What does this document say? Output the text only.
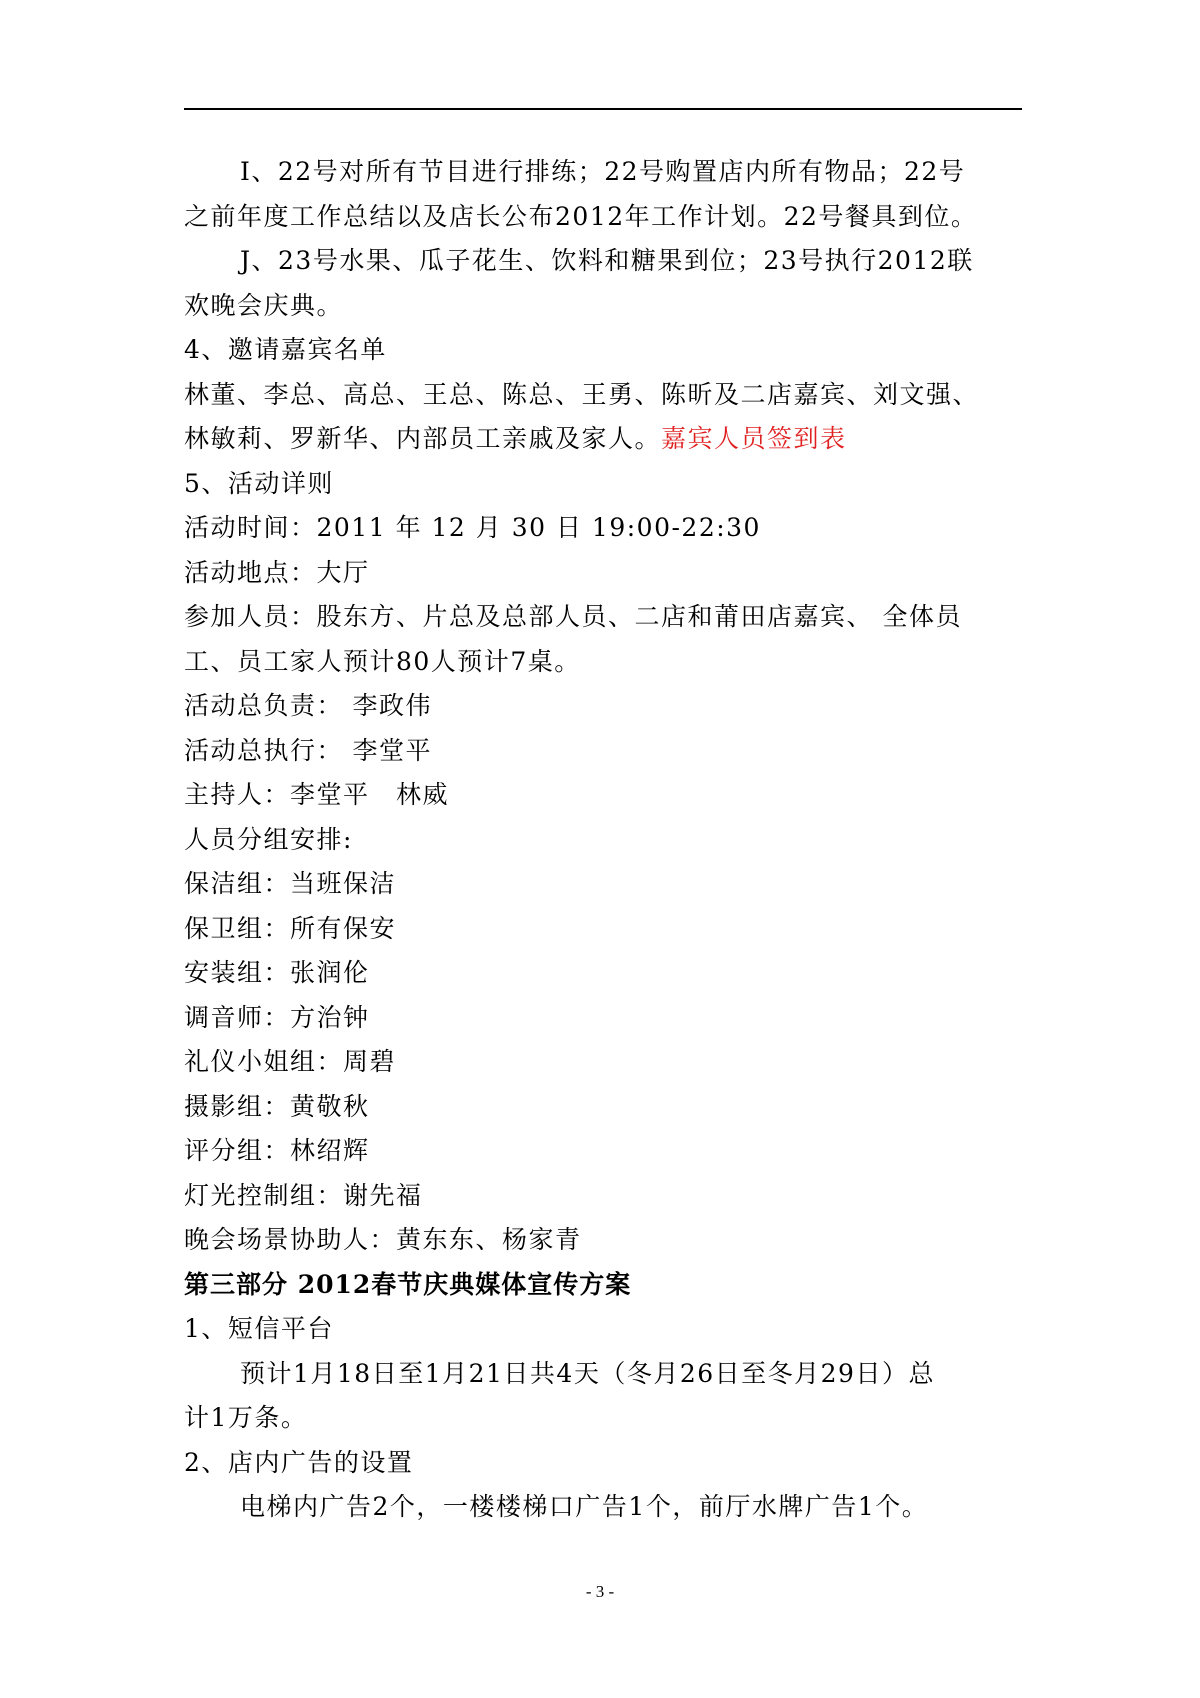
I、22号对所有节目进行排练；22号购置店内所有物品；22号

之前年度工作总结以及店长公布2012年工作计划。22号餐具到位。

J、23号水果、瓜子花生、饮料和糖果到位；23号执行2012联

欢晚会庆典。

4、邀请嘉宾名单

林董、李总、高总、王总、陈总、王勇、陈昕及二店嘉宾、刘文强、

林敏莉、罗新华、内部员工亲戚及家人。嘉宾人员签到表

5、活动详则

活动时间：2011 年 12 月 30 日 19:00-22:30

活动地点：大厅

参加人员：股东方、片总及总部人员、二店和莆田店嘉宾、 全体员

工、员工家人预计80人预计7桌。

活动总负责： 李政伟

活动总执行： 李堂平

主持人：李堂平　林威

人员分组安排:

保洁组：当班保洁

保卫组：所有保安

安装组：张润伦

调音师：方治钟

礼仪小姐组：周碧

摄影组：黄敬秋

评分组：林绍辉

灯光控制组：谢先福

晚会场景协助人：黄东东、杨家青

第三部分 2012春节庆典媒体宣传方案

1、短信平台

预计1月18日至1月21日共4天（冬月26日至冬月29日）总

计1万条。

2、店内广告的设置

电梯内广告2个，一楼楼梯口广告1个，前厅水牌广告1个。

- 3 -
